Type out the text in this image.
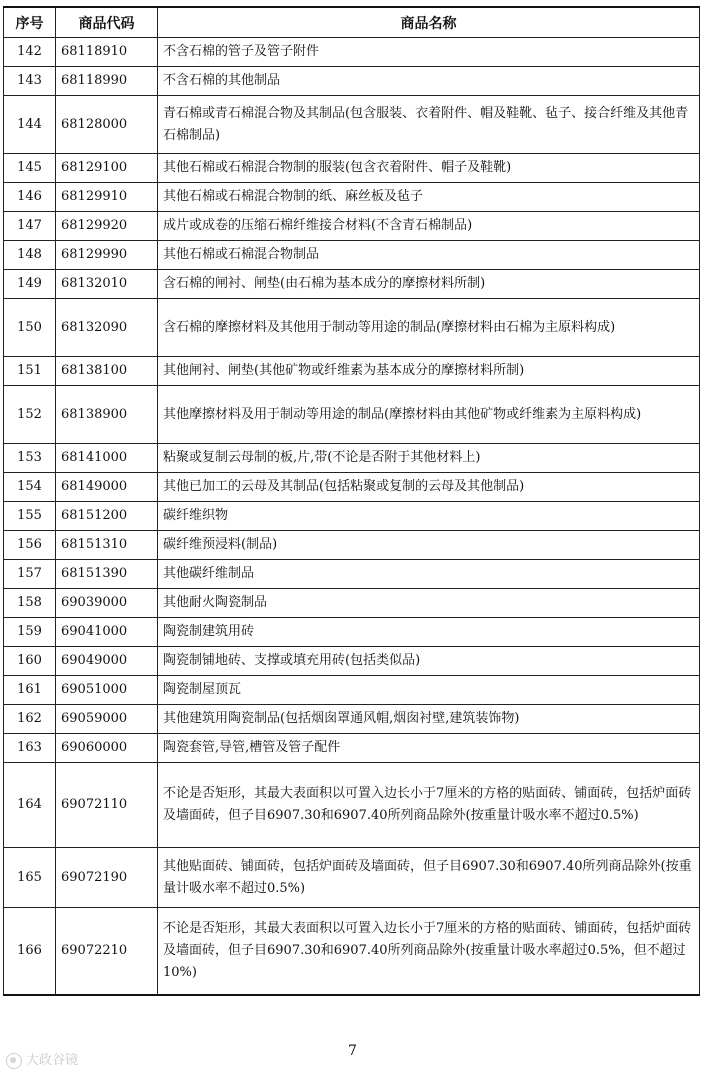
序号	商品代码	商品名称
142	68118910	不含石棉的管子及管子附件
143	68118990	不含石棉的其他制品
144	68128000	青石棉或青石棉混合物及其制品(包含服装、衣着附件、帽及鞋靴、毡子、接合纤维及其他青石棉制品)
145	68129100	其他石棉或石棉混合物制的服装(包含衣着附件、帽子及鞋靴)
146	68129910	其他石棉或石棉混合物制的纸、麻丝板及毡子
147	68129920	成片或成卷的压缩石棉纤维接合材料(不含青石棉制品)
148	68129990	其他石棉或石棉混合物制品
149	68132010	含石棉的闸衬、闸垫(由石棉为基本成分的摩擦材料所制)
150	68132090	含石棉的摩擦材料及其他用于制动等用途的制品(摩擦材料由石棉为主原料构成)
151	68138100	其他闸衬、闸垫(其他矿物或纤维素为基本成分的摩擦材料所制)
152	68138900	其他摩擦材料及用于制动等用途的制品(摩擦材料由其他矿物或纤维素为主原料构成)
153	68141000	粘聚或复制云母制的板,片,带(不论是否附于其他材料上)
154	68149000	其他已加工的云母及其制品(包括粘聚或复制的云母及其他制品)
155	68151200	碳纤维织物
156	68151310	碳纤维预浸料(制品)
157	68151390	其他碳纤维制品
158	69039000	其他耐火陶瓷制品
159	69041000	陶瓷制建筑用砖
160	69049000	陶瓷制铺地砖、支撑或填充用砖(包括类似品)
161	69051000	陶瓷制屋顶瓦
162	69059000	其他建筑用陶瓷制品(包括烟囱罩通风帽,烟囱衬壁,建筑装饰物)
163	69060000	陶瓷套管,导管,槽管及管子配件
164	69072110	不论是否矩形，其最大表面积以可置入边长小于7厘米的方格的贴面砖、铺面砖，包括炉面砖及墙面砖，但子目6907.30和6907.40所列商品除外(按重量计吸水率不超过0.5%)
165	69072190	其他贴面砖、铺面砖，包括炉面砖及墙面砖，但子目6907.30和6907.40所列商品除外(按重量计吸水率不超过0.5%)
166	69072210	不论是否矩形，其最大表面积以可置入边长小于7厘米的方格的贴面砖、铺面砖，包括炉面砖及墙面砖，但子目6907.30和6907.40所列商品除外(按重量计吸水率超过0.5%，但不超过10%)
7
大政谷镜
